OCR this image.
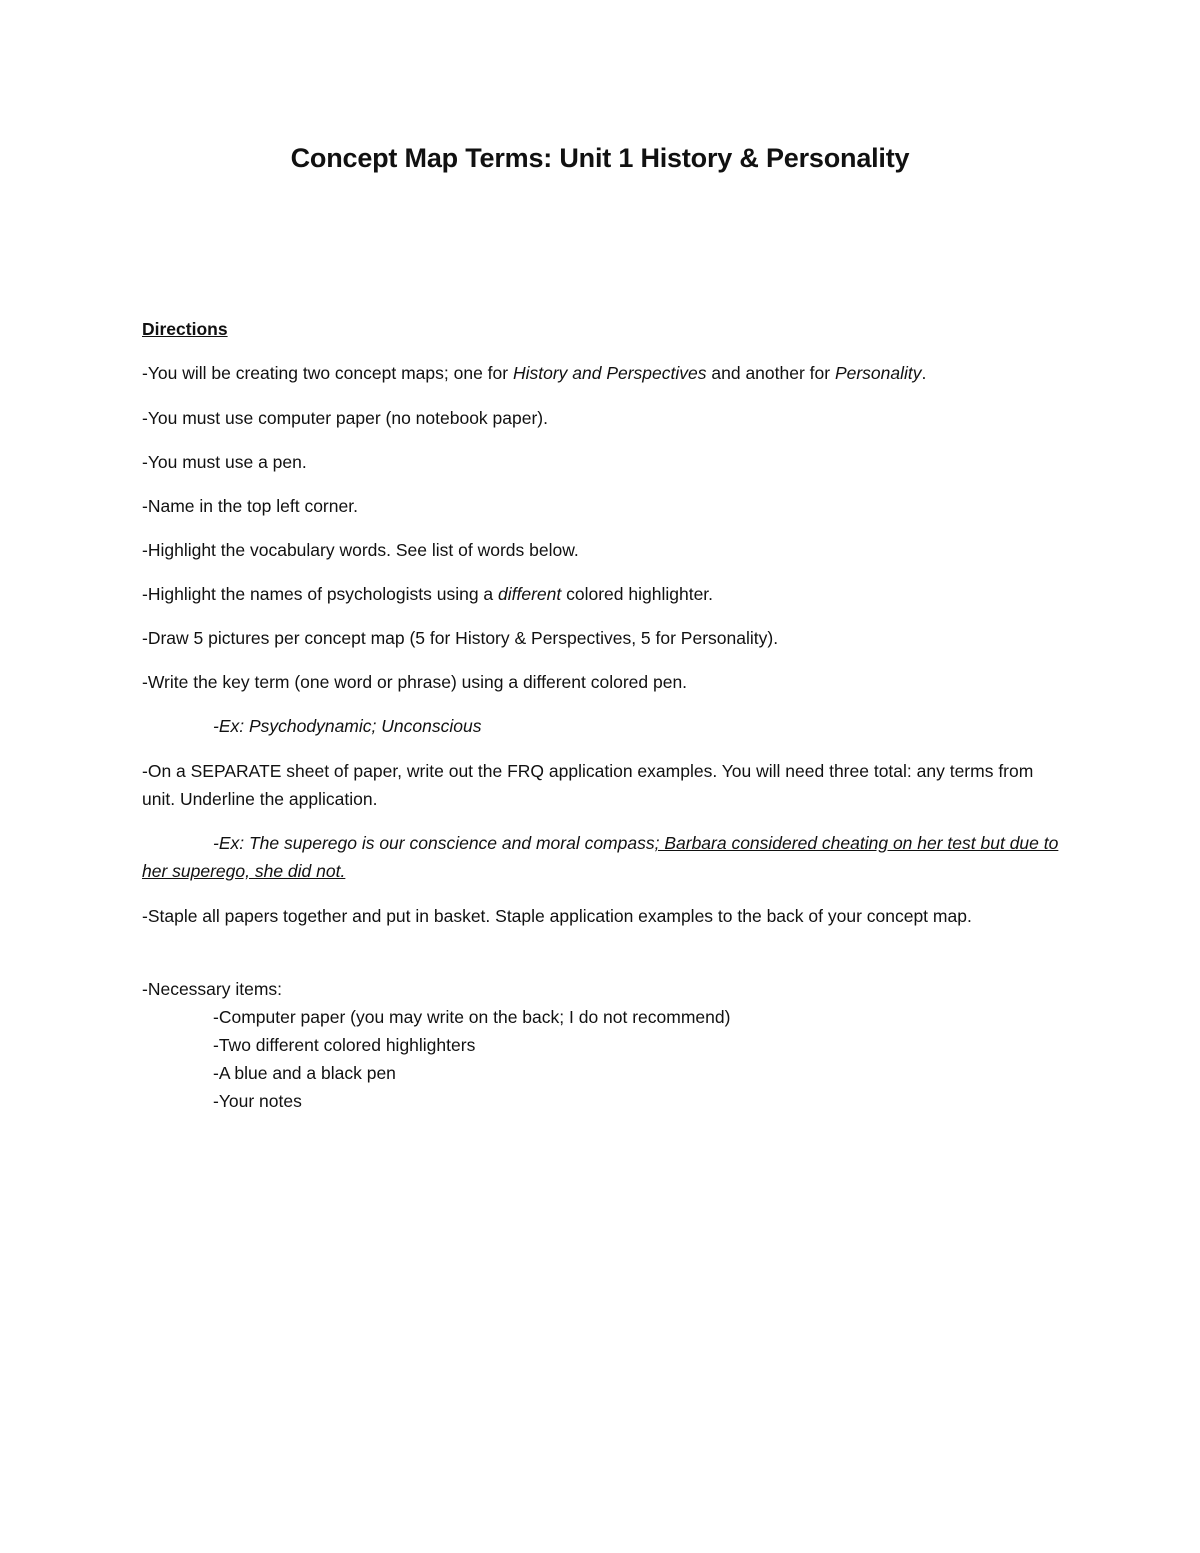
Concept Map Terms: Unit 1 History & Personality
Directions
-You will be creating two concept maps; one for History and Perspectives and another for Personality.
-You must use computer paper (no notebook paper).
-You must use a pen.
-Name in the top left corner.
-Highlight the vocabulary words. See list of words below.
-Highlight the names of psychologists using a different colored highlighter.
-Draw 5 pictures per concept map (5 for History & Perspectives, 5 for Personality).
-Write the key term (one word or phrase) using a different colored pen.
-Ex: Psychodynamic; Unconscious
-On a SEPARATE sheet of paper, write out the FRQ application examples. You will need three total: any terms from unit. Underline the application.
-Ex: The superego is our conscience and moral compass; Barbara considered cheating on her test but due to her superego, she did not.
-Staple all papers together and put in basket. Staple application examples to the back of your concept map.
-Necessary items:
-Computer paper (you may write on the back; I do not recommend)
-Two different colored highlighters
-A blue and a black pen
-Your notes
